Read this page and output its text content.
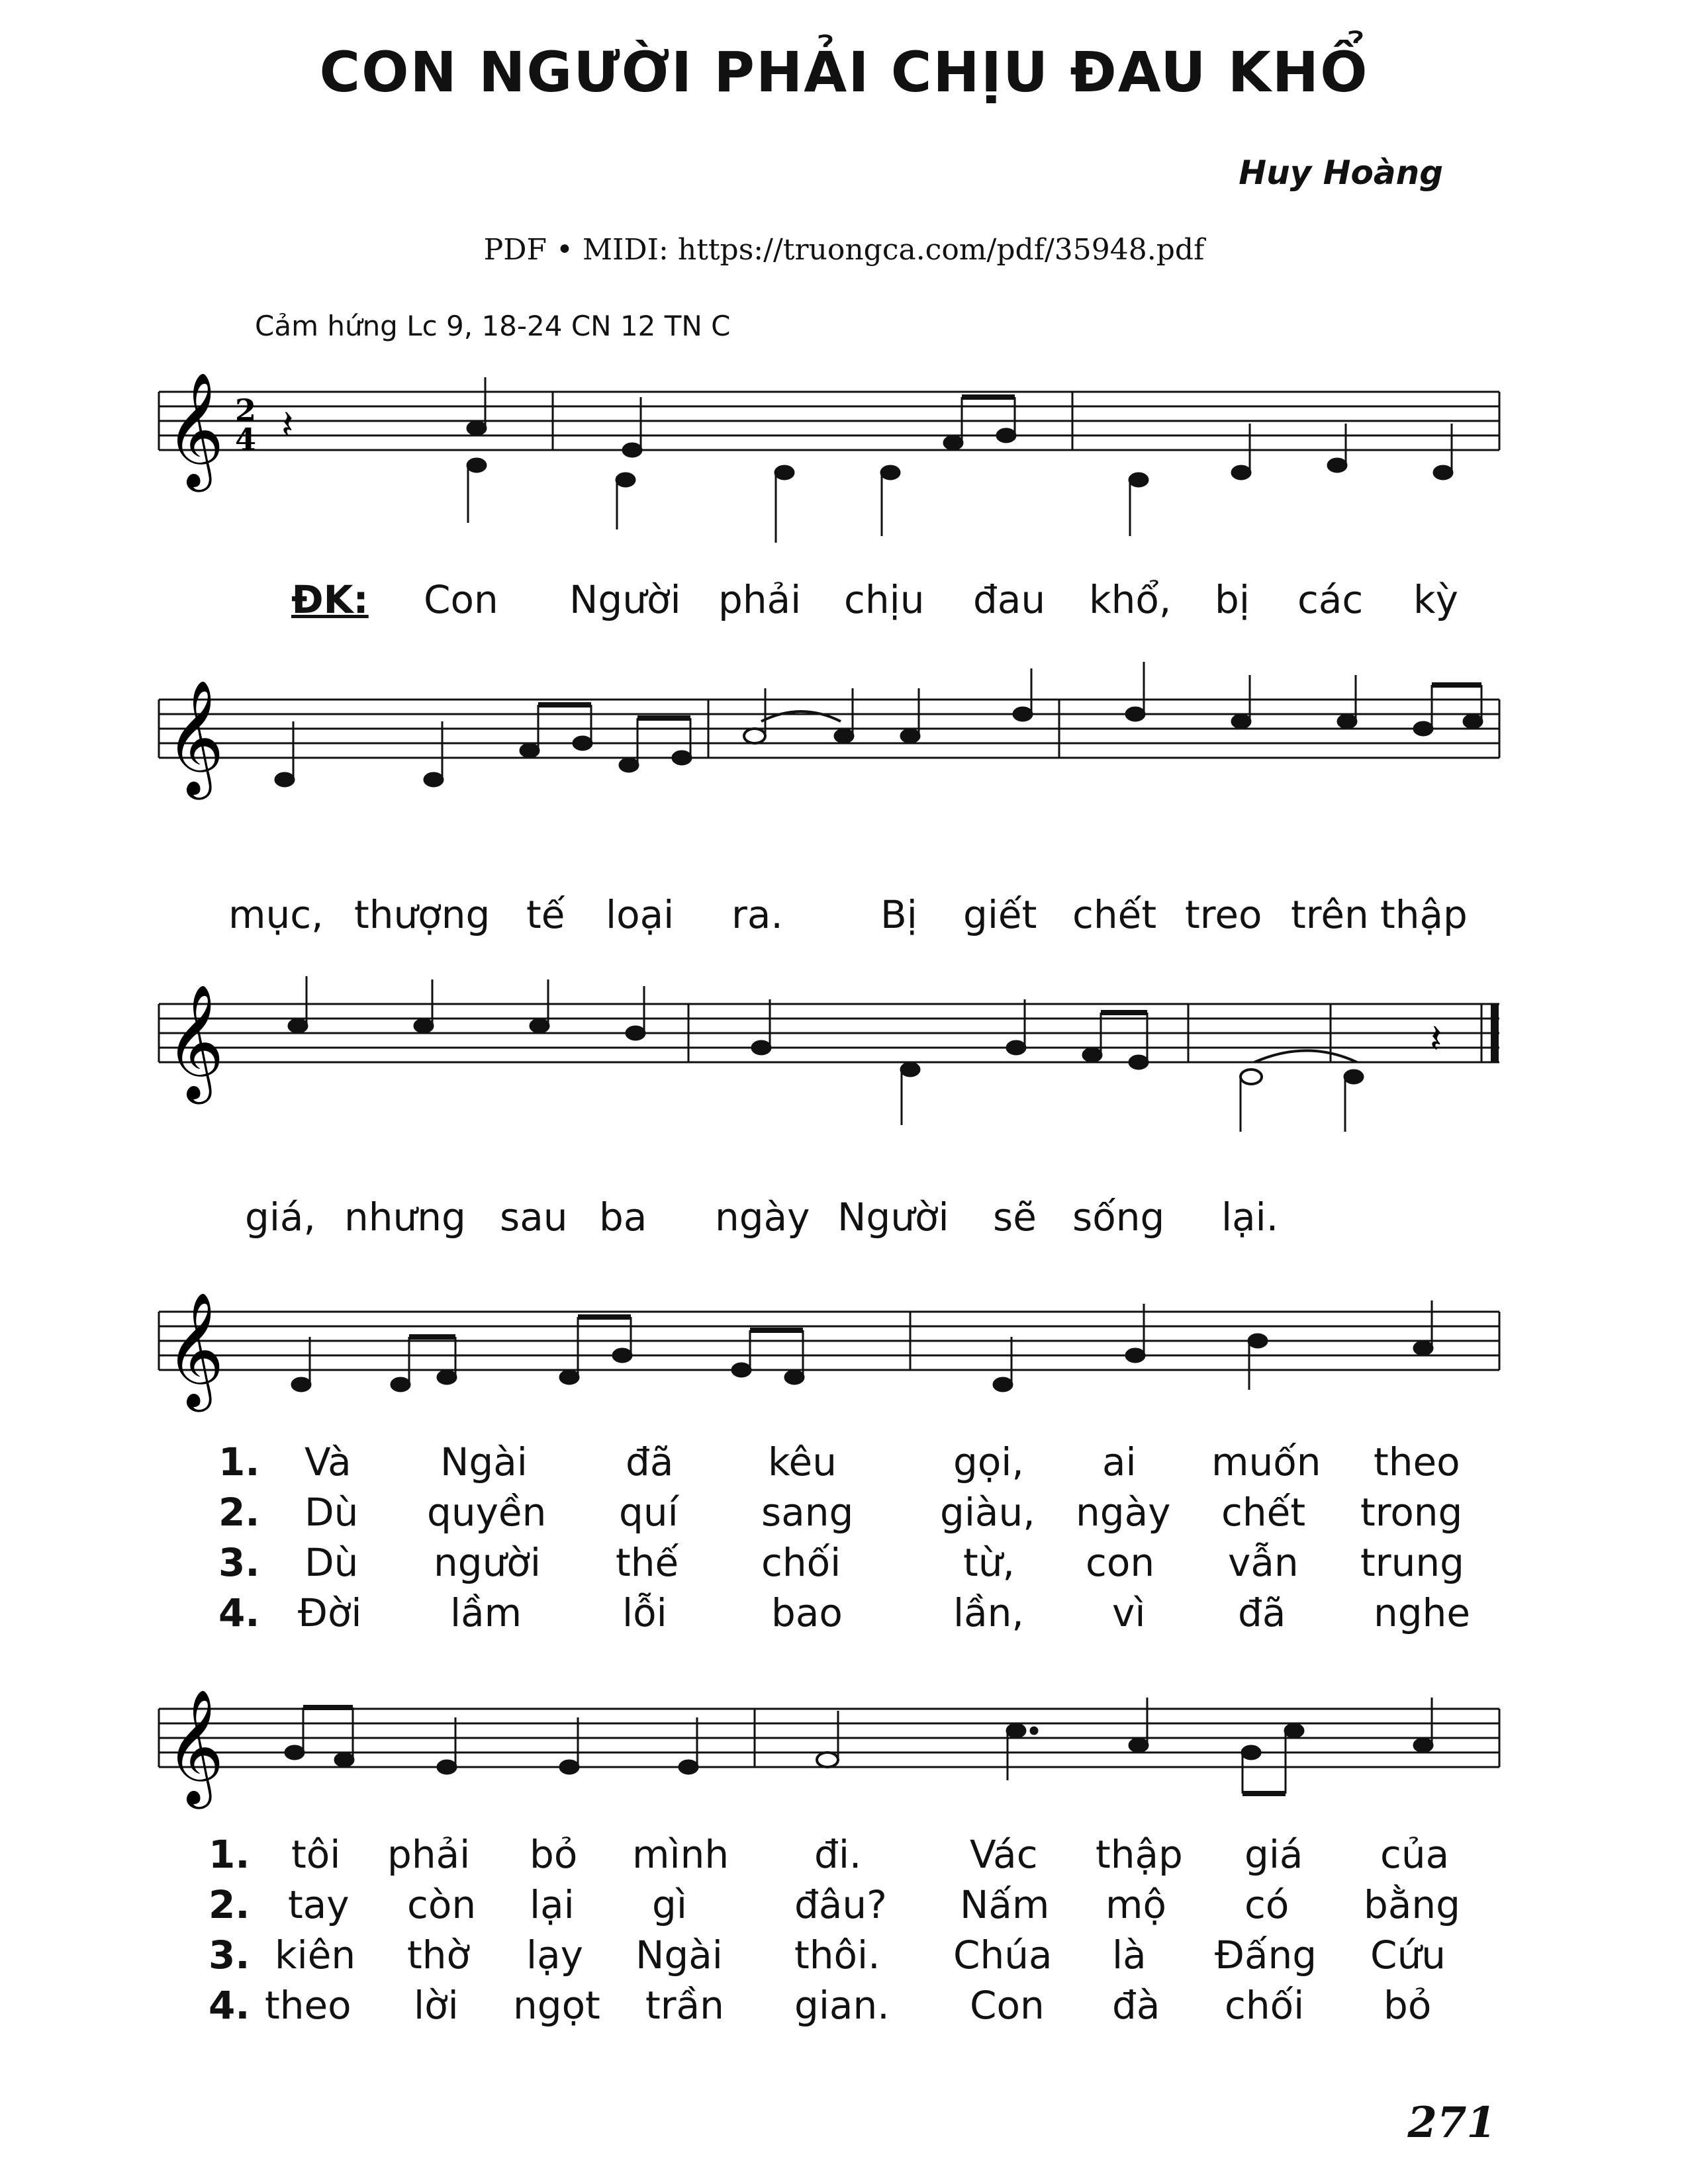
CON NGƯỜI PHẢI CHỊU ĐAU KHỔ
Huy Hoàng
PDF • MIDI: https://truongca.com/pdf/35948.pdf
Cảm hứng Lc 9, 18-24 CN 12 TN C
𝄞 2
4 𝄽
𝄞
𝄞	𝄽
𝄞
𝄞
ĐK: Con Người phải chịu đau khổ, bị các kỳ
mục, thượng tế loại ra.	Bị giết chết treo trên thập
giá, nhưng sau ba ngày Người sẽ sống lại.
1. Và Ngài	đã kêu	gọi, ai muốn theo
2. Dù quyền quí sang giàu, ngày chết trong
3. Dù người thế chối	từ, con vẫn trung
4. Đời lầm	lỗi	bao	lần, vì đã nghe
1. tôi phải bỏ mình đi.	Vác thập giá của
2. tay còn lại gì	đâu? Nấm mộ có bằng
3. kiên thờ lạy Ngài thôi. Chúa là Đấng Cứu
4. theo lời ngọt trần gian. Con đà chối bỏ
271
